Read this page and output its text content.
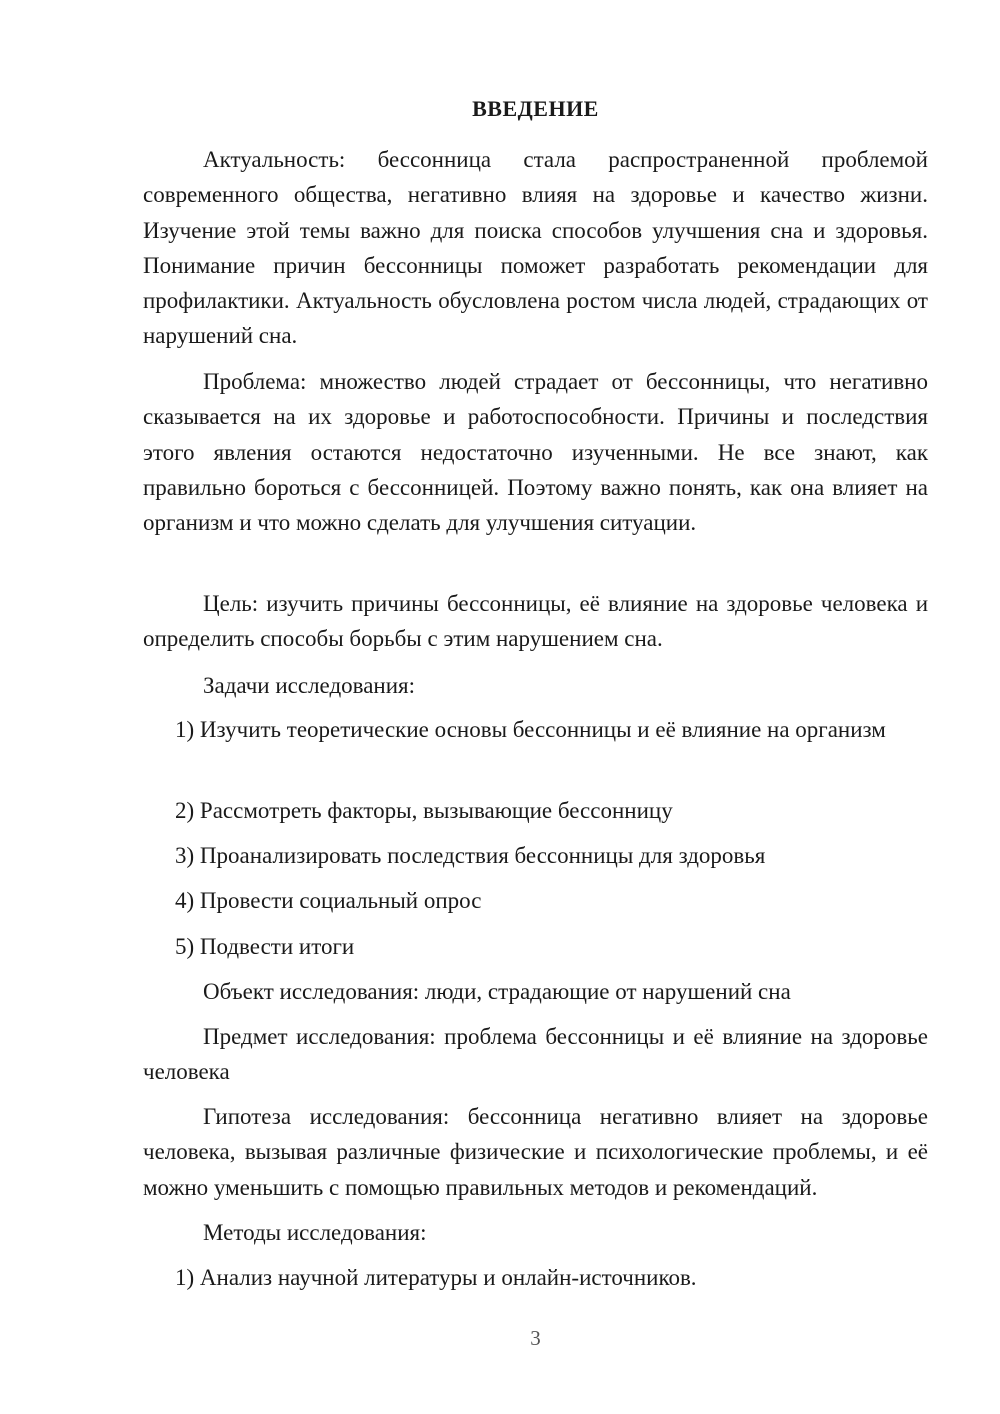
ВВЕДЕНИЕ

Актуальность: бессонница стала распространенной проблемой современного общества, негативно влияя на здоровье и качество жизни. Изучение этой темы важно для поиска способов улучшения сна и здоровья. Понимание причин бессонницы поможет разработать рекомендации для профилактики. Актуальность обусловлена ростом числа людей, страдающих от нарушений сна.

Проблема: множество людей страдает от бессонницы, что негативно сказывается на их здоровье и работоспособности. Причины и последствия этого явления остаются недостаточно изученными. Не все знают, как правильно бороться с бессонницей. Поэтому важно понять, как она влияет на организм и что можно сделать для улучшения ситуации.

Цель: изучить причины бессонницы, её влияние на здоровье человека и определить способы борьбы с этим нарушением сна.

Задачи исследования:

1) Изучить теоретические основы бессонницы и её влияние на организм

2) Рассмотреть факторы, вызывающие бессонницу

3) Проанализировать последствия бессонницы для здоровья

4) Провести социальный опрос

5) Подвести итоги

Объект исследования: люди, страдающие от нарушений сна

Предмет исследования: проблема бессонницы и её влияние на здоровье человека

Гипотеза исследования: бессонница негативно влияет на здоровье человека, вызывая различные физические и психологические проблемы, и её можно уменьшить с помощью правильных методов и рекомендаций.

Методы исследования:

1) Анализ научной литературы и онлайн-источников.

3
